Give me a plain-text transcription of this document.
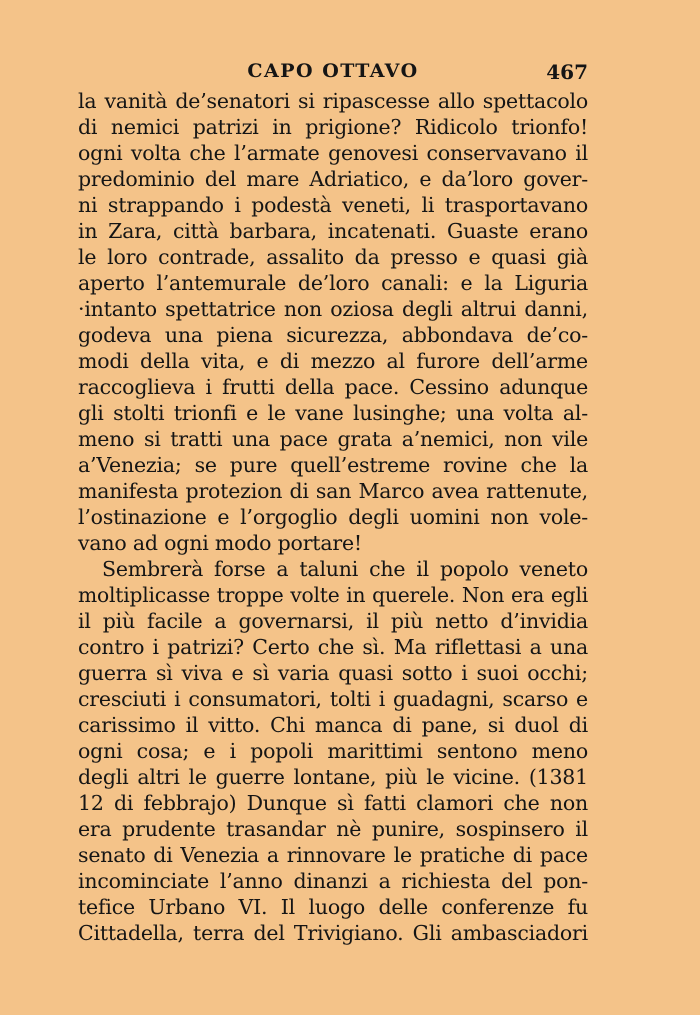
CAPO OTTAVO	467
la vanità de’senatori si ripascesse allo spettacolo
di nemici patrizi in prigione? Ridicolo trionfo!
ogni volta che l’armate genovesi conservavano il
predominio del mare Adriatico, e da’loro gover-
ni strappando i podestà veneti, li trasportavano
in Zara, città barbara, incatenati. Guaste erano
le loro contrade, assalito da presso e quasi già
aperto l’antemurale de’loro canali: e la Liguria
·intanto spettatrice non oziosa degli altrui danni,
godeva una piena sicurezza, abbondava de’co-
modi della vita, e di mezzo al furore dell’arme
raccoglieva i frutti della pace. Cessino adunque
gli stolti trionfi e le vane lusinghe; una volta al-
meno si tratti una pace grata a’nemici, non vile
a’Venezia; se pure quell’estreme rovine che la
manifesta protezion di san Marco avea rattenute,
l’ostinazione e l’orgoglio degli uomini non vole-
vano ad ogni modo portare!
Sembrerà forse a taluni che il popolo veneto
moltiplicasse troppe volte in querele. Non era egli
il più facile a governarsi, il più netto d’invidia
contro i patrizi? Certo che sì. Ma riflettasi a una
guerra sì viva e sì varia quasi sotto i suoi occhi;
cresciuti i consumatori, tolti i guadagni, scarso e
carissimo il vitto. Chi manca di pane, si duol di
ogni cosa; e i popoli marittimi sentono meno
degli altri le guerre lontane, più le vicine. (1381
12 di febbrajo) Dunque sì fatti clamori che non
era prudente trasandar nè punire, sospinsero il
senato di Venezia a rinnovare le pratiche di pace
incominciate l’anno dinanzi a richiesta del pon-
tefice Urbano VI. Il luogo delle conferenze fu
Cittadella, terra del Trivigiano. Gli ambasciadori
